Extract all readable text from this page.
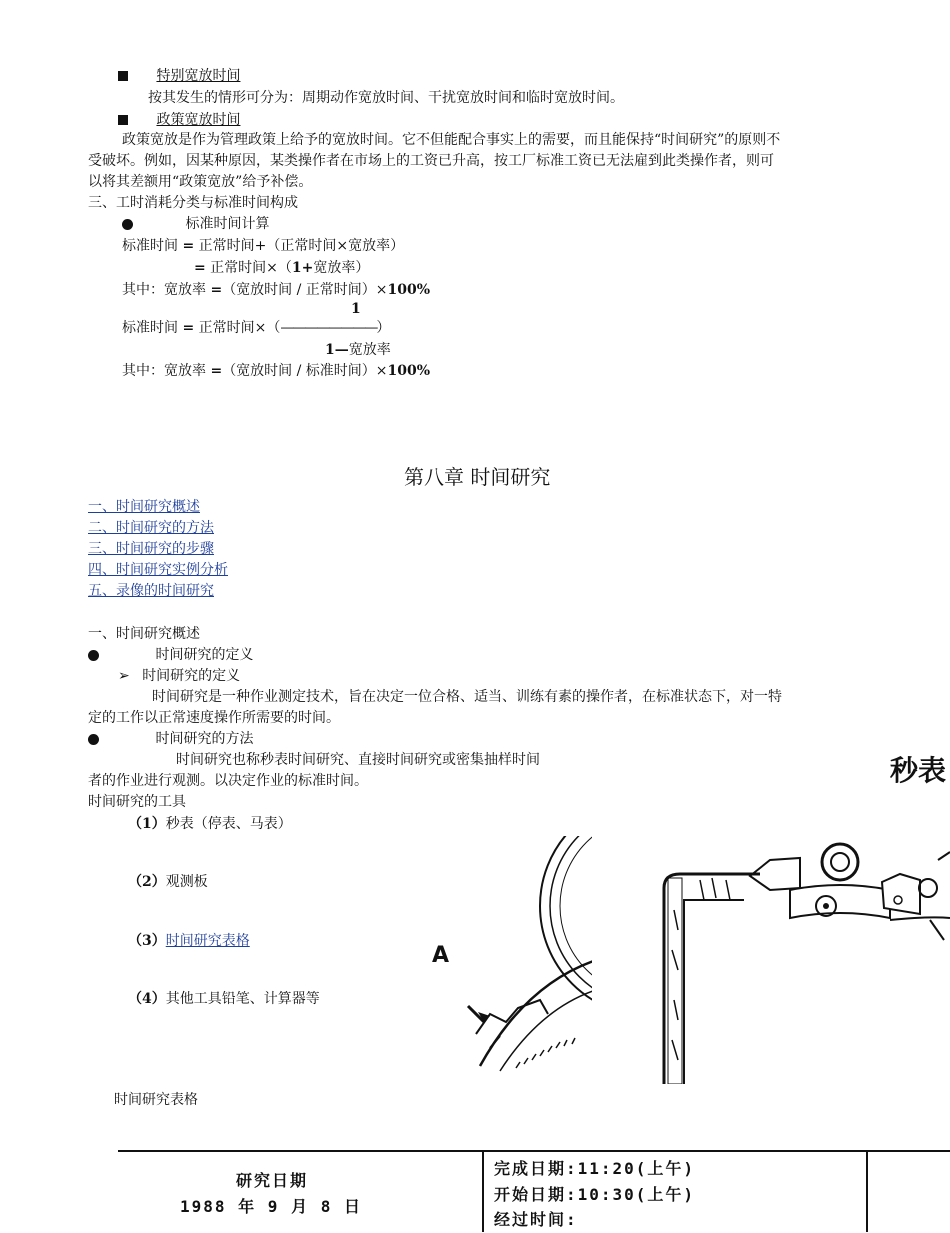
特别宽放时间
按其发生的情形可分为：周期动作宽放时间、干扰宽放时间和临时宽放时间。
政策宽放时间
政策宽放是作为管理政策上给予的宽放时间。它不但能配合事实上的需要，而且能保持“时间研究”的原则不
受破坏。例如，因某种原因，某类操作者在市场上的工资已升高，按工厂标准工资已无法雇到此类操作者，则可
以将其差额用“政策宽放”给予补偿。
三、工时消耗分类与标准时间构成
标准时间计算
标准时间 = 正常时间+（正常时间×宽放率）
= 正常时间×（1+宽放率）
其中：宽放率 =（宽放时间 / 正常时间）×100%
1
标准时间 = 正常时间×（————————）
1—宽放率
其中：宽放率 =（宽放时间 / 标准时间）×100%
第八章 时间研究
一、时间研究概述
二、时间研究的方法
三、时间研究的步骤
四、时间研究实例分析
五、录像的时间研究
一、时间研究概述
时间研究的定义
➢ 时间研究的定义
时间研究是一种作业测定技术，旨在决定一位合格、适当、训练有素的操作者，在标准状态下，对一特
定的工作以正常速度操作所需要的时间。
时间研究的方法
时间研究也称秒表时间研究、直接时间研究或密集抽样时间
者的作业进行观测。以决定作业的标准时间。
时间研究的工具
（1）秒表（停表、马表）
（2）观测板
（3）时间研究表格
（4）其他工具铅笔、计算器等
A
秒表
时间研究表格
研究日期
1988 年 9 月 8 日
完成日期:11:20(上午)
开始日期:10:30(上午)
经过时间:
